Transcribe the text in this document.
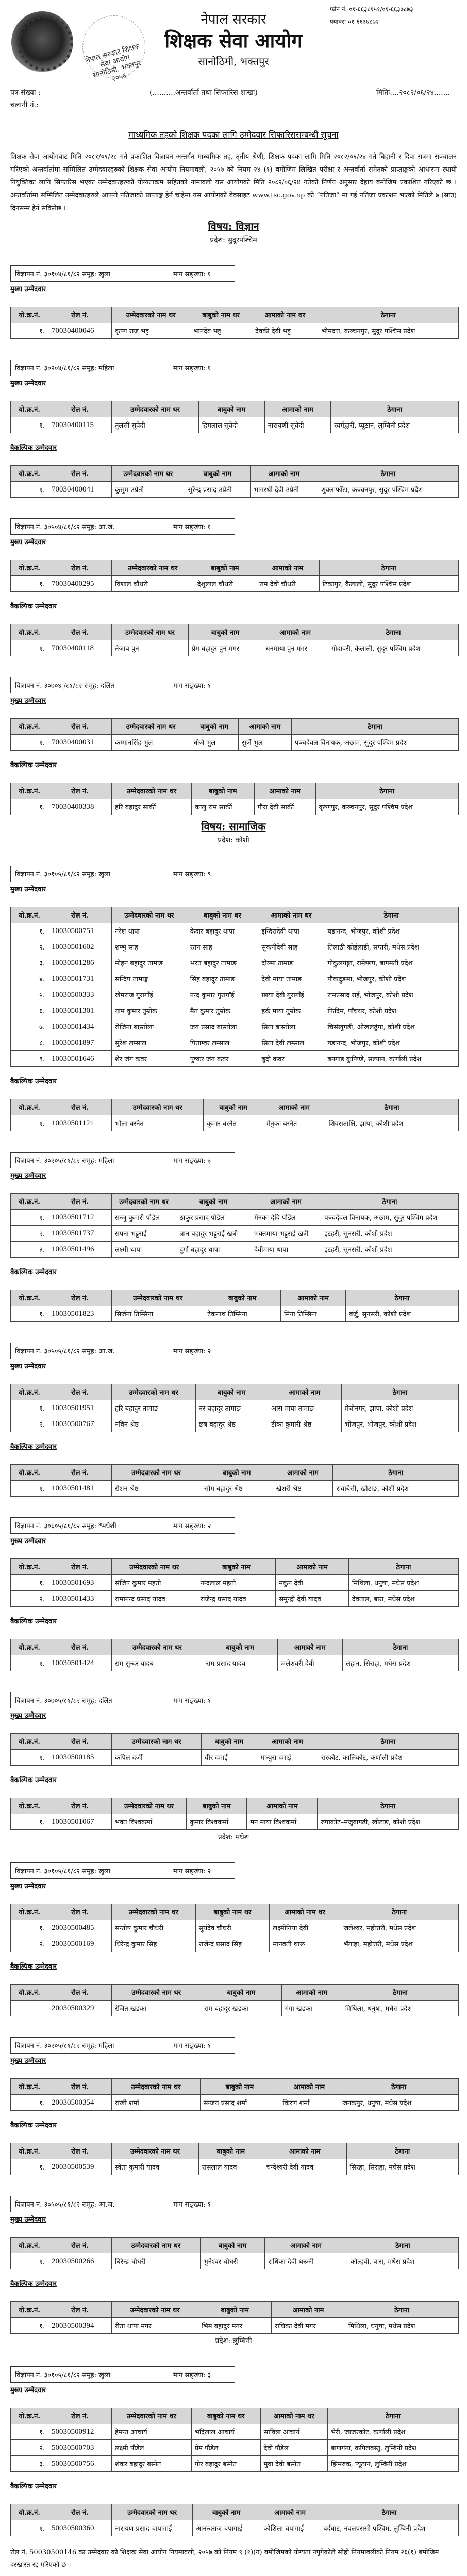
नेपाल सरकार शिक्षक सेवा आयोग सानोठिमी, भक्तपुर २०५६
नेपाल सरकार
शिक्षक सेवा आयोग
सानोठिमी, भक्तपुर
फोन नं. ०१-६६३८१५१/०१-६६३७८७३
फ्याक्स ०१-६६३७८७२
पत्र संख्या :
चलानी नं.:
(..........अन्तर्वार्ता तथा सिफारिस शाखा)	मितिः....२०८२/०६/२४.......
माध्यमिक तहको शिक्षक पदका लागि उम्मेदवार सिफारिससम्बन्धी सूचना
शिक्षक सेवा आयोगबाट मिति २०८१/०९/२८ गते प्रकाशित विज्ञापन अन्तर्गत माध्यमिक तह, तृतीय श्रेणी, शिक्षक पदका लागि मिति २०८२/०६/२४ गते बिहानी र दिवा सत्रमा सञ्चालन गरिएको अन्तर्वार्तामा सम्मिलित उम्मेदवारहरुको शिक्षक सेवा आयोग नियमावली, २०५७ को नियम २४ (१) बमोजिम लिखित परीक्षा र अन्तर्वार्ता समेतको प्राप्ताङ्कको आधारमा स्थायी नियुक्तिका लागि सिफारिस भएका उम्मेदवारहरुको योग्यताक्रम सहितको नामावली यस आयोगको मिति २०८२/०६/२४ गतेको निर्णय अनुसार देहाय बमोजिम प्रकाशित गरिएको छ ।अन्तर्वार्तामा सम्मिलित उम्मेदवारहरुले आफ्नो नतिजाको प्राप्ताङ्क हेर्न चाहेमा यस आयोगको बेवसाइट www.tsc.gov.np को “नतिजा” मा गई नतिजा प्रकाशन भएको मितिले ७ (सात) दिनसम्म हेर्न सकिनेछ ।
विषय: विज्ञान
प्रदेश: सुदूरपश्चिम
विज्ञापन नं. ३०१०४/८१/८२ समूह: खुला	माग सङ्ख्या: १
मुख्य उम्मेदवार
यो.क्र.नं.	रोल नं.	उम्मेदवारको नाम थर	बाबुको नाम थर	आमाको नाम थर	ठेगाना
१.	70030400046	कृष्ण राज भट्ट	भानदेव भट्ट	देवकी देवी भट्ट	भीमदत्त, कञ्चनपुर, सुदुर पश्चिम प्रदेश
विज्ञापन नं. ३०२०४/८१/८२ समूह: महिला	माग सङ्ख्या: १
मुख्य उम्मेदवार
यो.क्र.नं.	रोल नं.	उम्मेदवारको नाम थर	बाबुको नाम	आमाको नाम	ठेगाना
१.	70030400115	तुलसी सुवेदी	हिमलाल सुवेदी	नारायणी सुवेदी	स्वर्गद्वारी, प्यूठान, लुम्बिनी प्रदेश

बैकल्पिक उम्मेदवार
यो.क्र.नं.	रोल नं.	उम्मेदवारको नाम थर	बाबुको नाम	आमाको नाम	ठेगाना
१.	70030400041	कुसुम उप्रेती	सुरेन्द्र प्रसाद उप्रेती	भागरथी देवी उप्रेती	शुक्लाफाँटा, कञ्चनपुर, सुदुर पश्चिम प्रदेश
विज्ञापन नं. ३०५०४/८१/८२ समूह: आ.ज.	माग सङ्ख्या: १
मुख्य उम्मेदवार
यो.क्र.नं.	रोल नं.	उम्मेदवारको नाम थर	बाबुको नाम	आमाको नाम	ठेगाना
१.	70030400295	विशाल चौधरी	देशुलाल चौधरी	राम देवी चौधरी	टिकापुर, कैलाली, सुदुर पश्चिम प्रदेश

बैकल्पिक उम्मेदवार
यो.क्र.नं.	रोल नं.	उम्मेदवारको नाम थर	बाबुको नाम	आमाको नाम	ठेगाना
१.	70030400118	तेजाब पुन	प्रेम बहादुर पुन मगर	धनमाया पुन मगर	गोदावरी, कैलाली, सुदुर पश्चिम प्रदेश
विज्ञापन नं. ३०७०४ /८१/८२ समूह: दलित	माग सङ्ख्या: १
मुख्य उम्मेदवार
यो.क्र.नं.	रोल नं.	उम्मेदवारको नाम थर	बाबुको नाम	आमाको नाम	ठेगाना
१.	70030400031	कम्मानसिंह भुल	धोजे भुल	सुर्जे भुल	पञ्चदेवल विनायक, अछाम, सुदुर पश्चिम प्रदेश

बैकल्पिक उम्मेदवार
यो.क्र.नं.	रोल नं.	उम्मेदवारको नाम थर	बाबुको नाम	आमाको नाम	ठेगाना
१.	70030400338	हरि बहादुर सार्की	कालु राम सार्की	गौरा देवी सार्की	कृष्णपुर, कञ्चनपुर, सुदुर पश्चिम प्रदेश
विषय: सामाजिक
प्रदेश: कोशी
विज्ञापन नं. ३०१०५/८१/८२ समूह: खुला	माग सङ्ख्या: ९
मुख्य उम्मेदवार
यो.क्र.नं.	रोल नं.	उम्मेदवारको नाम थर	बाबुको नाम थर	आमाको नाम थर	ठेगाना
१.	10030500751	नरेश थापा	केदार बहादुर थापा	इन्दिरादेवी थापा	षडानन्द, भोजपुर, कोशी प्रदेश
२.	10030501602	शम्भु साह	रतन साह	सुकनीदेवी साह	तिलाठी कोईलाडी, सप्तरी, मधेस प्रदेश
३.	10030501286	मोहन बहादुर तामाङ	भरत बहादुर तामाङ	दोल्मा तामाङ	गोकुलगङ्गा, रामेछाप, बागमती प्रदेश
४.	10030501731	सन्दिप तामाङ्ग	सिंह बहादुर तामाङ	देवी माया तामाङ	पौवादुङमा, भोजपुर, कोशी प्रदेश
५.	10030500333	खेमराज गुरागाँई	नन्द कुमार गुरागाँई	छाया देबी गुरागाँई	रामप्रसाद राई, भोजपुर, कोशी प्रदेश
६.	10030501301	याम कुमार तुम्रोक	मैत कुमार तुम्रोक	हर्क माया तुम्रोक	फिदिम, पाँचथर, कोशी प्रदेश
७.	10030501434	रोजिना बास्तोला	जय प्रसाद बास्तोला	सिता बास्तोला	चिसंखुगढी, ओखलढुंगा, कोशी प्रदेश
८.	10030501897	सुरेश लम्साल	पिताम्वर लम्साल	सिता देवी लम्साल	षडानन्द, भोजपुर, कोशी प्रदेश
९.	10030501646	शेर जंग कवर	पुष्कर जंग कवर	बुदी कवर	बनगाड कुपिण्डे, सल्यान, कर्णाली प्रदेश

बैकल्पिक उम्मेदवार
यो.क्र.नं.	रोल नं.	उम्मेदवारको नाम थर	बाबुको नाम	आमाको नाम	ठेगाना
१.	10030501121	भोला बस्नेत	कुमार बस्नेत	मेनुका बस्नेत	शिवसताक्षि, झापा, कोशी प्रदेश
विज्ञापन नं. ३०२०५/८१/८२ समूह: महिला	माग सङ्ख्या: ३
मुख्य उम्मेदवार
यो.क्र.नं.	रोल नं.	उम्मेदवारको नाम थर	बाबुको नाम	आमाको नाम	ठेगाना
१.	10030501712	सन्जु कुमारी पौडेल	ठाकुर प्रसाद पौडेल	मेनका देवि पौडेल	पञ्चदेवल विनायक, अछाम, सुदुर पश्चिम प्रदेश
२.	10030501737	सपना भट्टराई	ज्ञान बहादुर भट्टराई खत्री	भक्तमाया भट्टराई खत्री	इटहरी, सुनसरी, कोशी प्रदेश
३.	10030501496	लक्ष्मी थापा	दुर्गा बहादुर थापा	देवीमाया थापा	इटहरी, सुनसरी, कोशी प्रदेश

बैकल्पिक उम्मेदवार
यो.क्र.नं.	रोल नं.	उम्मेदवारको नाम थर	बाबुको नाम	आमाको नाम	ठेगाना
१.	10030501823	सिर्जना तिम्सिना	टेकनाथ तिम्सिना	मिना तिम्सिना	बर्जु, सुनसरी, कोशी प्रदेश
विज्ञापन नं. ३०५०५/८१/८२ समूह: आ.ज.	माग सङ्ख्या: २
मुख्य उम्मेदवार
यो.क्र.नं.	रोल नं.	उम्मेदवारको नाम थर	बाबुको नाम	आमाको नाम	ठेगाना
१.	10030501951	हरि बहादुर तामाङ	नर बहादुर तामाङ	आस माया तामाङ	मेचीनगर, झापा, कोशी प्रदेश
२.	10030500767	नविन श्रेष्ठ	छत्र बहादुर श्रेष्ठ	टीका कुमारी श्रेष्ठ	भोजपुर, भोजपुर, कोशी प्रदेश

बैकल्पिक उम्मेदवार
यो.क्र.नं.	रोल नं.	उम्मेदवारको नाम थर	बाबुको नाम	आमाको नाम	ठेगाना
१.	10030501481	रोशन श्रेष्ठ	सोम बहादुर श्रेष्ठ	खेशरी श्रेष्ठ	रावाबेसी, खोटाङ, कोशी प्रदेश
विज्ञापन नं. ३०६०५/८१/८२ समूह: *मधेशी	माग सङ्ख्या: २
मुख्य उम्मेदवार
यो.क्र.नं.	रोल नं.	उम्मेदवारको नाम थर	बाबुको नाम	आमाको नाम	ठेगाना
१.	10030501693	संजिप कुमार महतो	नन्दलाल महतो	मकुन देवी	मिथिला, धनुषा, मधेस प्रदेश
२.	10030501433	रामानन्द प्रसाद यादव	राजेन्द्र प्रसाद यादव	समुन्द्री देवी यादव	देवताल, बारा, मधेस प्रदेश

बैकल्पिक उम्मेदवार
यो.क्र.नं.	रोल नं.	उम्मेदवारको नाम थर	बाबुको नाम	आमाको नाम	ठेगाना
१.	10030501424	राम सुन्दर यादब	राम प्रसाद यादब	जलेशवरी देबी	लहान, सिराहा, मधेस प्रदेश
विज्ञापन नं. ३०७०५/८१/८२ समूह: दलित	माग सङ्ख्या: १
मुख्य उम्मेदवार
यो.क्र.नं.	रोल नं.	उम्मेदवारको नाम थर	बाबुको नाम	आमाको नाम	ठेगाना
१.	10030500185	कपिल दर्जी	वीर दमाई	मान्पुरा दमाई	रास्कोट, कालिकोट, कर्णाली प्रदेश

बैकल्पिक उम्मेदवार
यो.क्र.नं.	रोल नं.	उम्मेदवारको नाम थर	बाबुको नाम	आमाको नाम	ठेगाना
१.	10030501067	भक्त विश्वकर्मा	कुमार विश्वकर्मा	मन माया विश्वकर्मा	रुपाकोट–मजुवागढी, खोटाङ, कोशी प्रदेश
प्रदेश: मधेश
विज्ञापन नं. ३०१०५/८१/८२ समूह: खुला	माग सङ्ख्या: २
मुख्य उम्मेदवार
यो.क्र.नं.	रोल नं.	उम्मेदवारको नाम थर	बाबुको नाम थर	आमाको नाम थर	ठेगाना
१.	20030500485	सन्तोष कुमार चौधरी	सुर्यदेव चौधरी	लक्ष्मीनिया देवी	जलेश्वर, महोत्तरी, मधेस प्रदेश
२.	20030500169	धिरेन्द्र कुमार सिंह	राजेन्द्र प्रसाद सिंह	मानवती थारू	भँगाहा, महोत्तरी, मधेस प्रदेश

बैकल्पिक उम्मेदवार
यो.क्र.नं.	रोल नं.	उम्मेदवारको नाम थर	बाबुको नाम	आमाको नाम	ठेगाना
	20030500329	रंजित खडका	राम बहादुर खडका	गंगा खडका	मिथिला, धनुषा, मधेस प्रदेश
विज्ञापन नं. ३०२०५/८१/८२ समूह: महिला	माग सङ्ख्या: १
मुख्य उम्मेदवार
यो.क्र.नं.	रोल नं.	उम्मेदवारको नाम थर	बाबुको नाम	आमाको नाम	ठेगाना
१.	20030500354	राखी शर्मा	सन्जय प्रसाद शर्मा	किरण शर्मा	जनकपुर, धनुषा, मधेस प्रदेश

बैकल्पिक उम्मेदवार
यो.क्र.नं.	रोल नं.	उम्मेदवारको नाम थर	बाबुको नाम	आमाको नाम	ठेगाना
१.	20030500539	स्वेता कुमारी यादव	रासलाल यादव	चन्देश्वरी देवी यादव	सिरहा, सिराहा, मधेस प्रदेश
विज्ञापन नं. ३०५०५/८१/८२ समूह: आ.ज.	माग सङ्ख्या: १
मुख्य उम्मेदवार
यो.क्र.नं.	रोल नं.	उम्मेदवारको नाम थर	बाबुको नाम	आमाको नाम	ठेगाना
१.	20030500266	बिरेन्द्र चौधरी	भुनेश्वर चौधरी	राधिका देवी थरूनी	कोल्हवी, बारा, मधेस प्रदेश

बैकल्पिक उम्मेदवार
यो.क्र.नं.	रोल नं.	उम्मेदवारको नाम थर	बाबुको नाम	आमाको नाम	ठेगाना
१.	20030500394	रीता थापा मगर	भिम बहादुर मगर	राधिका देवी मगर	मिथिला, धनुषा, मधेस प्रदेश
प्रदेश: लुम्बिनी
विज्ञापन नं. ३०१०५/८१/८२ समूह: खुला	माग सङ्ख्या: ३
मुख्य उम्मेदवार
यो.क्र.नं.	रोल नं.	उम्मेदवारको नाम थर	बाबुको नाम थर	आमाको नाम थर	ठेगाना
१.	50030500912	हेमन्त आचार्य	भद्रिलाल आचार्य	सावित्रा आचार्य	भेरी, जाजरकोट, कर्णाली प्रदेश
२.	50030500703	लक्ष्मी पौडेल	प्रेम पौडेल	देवी पौडेल	बाणगंगा, कपिलबस्तु, लुम्बिनी प्रदेश
३.	50030500756	शंकर बहादुर बस्नेत	गोर बहादुर बस्नेत	मुवा देवी बस्नेत	झिमरुक, प्यूठान, लुम्बिनी प्रदेश

बैकल्पिक उम्मेदवार
यो.क्र.नं.	रोल नं.	उम्मेदवारको नाम थर	बाबुको नाम	आमाको नाम	ठेगाना
१.	50030500360	नारायण प्रसाद चापागाईं	आनन्दराज चपागाई	कौशिला चपागाई	बर्दघाट, नवलपरासी पश्चिम, लुम्बिनी प्रदेश
रोल नं. 50030500146 का उम्मेदवार को शिक्षक सेवा आयोग नियमावली, २०५७ को नियम ९ (१)(ग) बमोजिमको योग्यता नपुगेकोले सोही नियमावलीको नियम २६(१) बमोजिम दरखास्त रद्द गरिएको छ ।
